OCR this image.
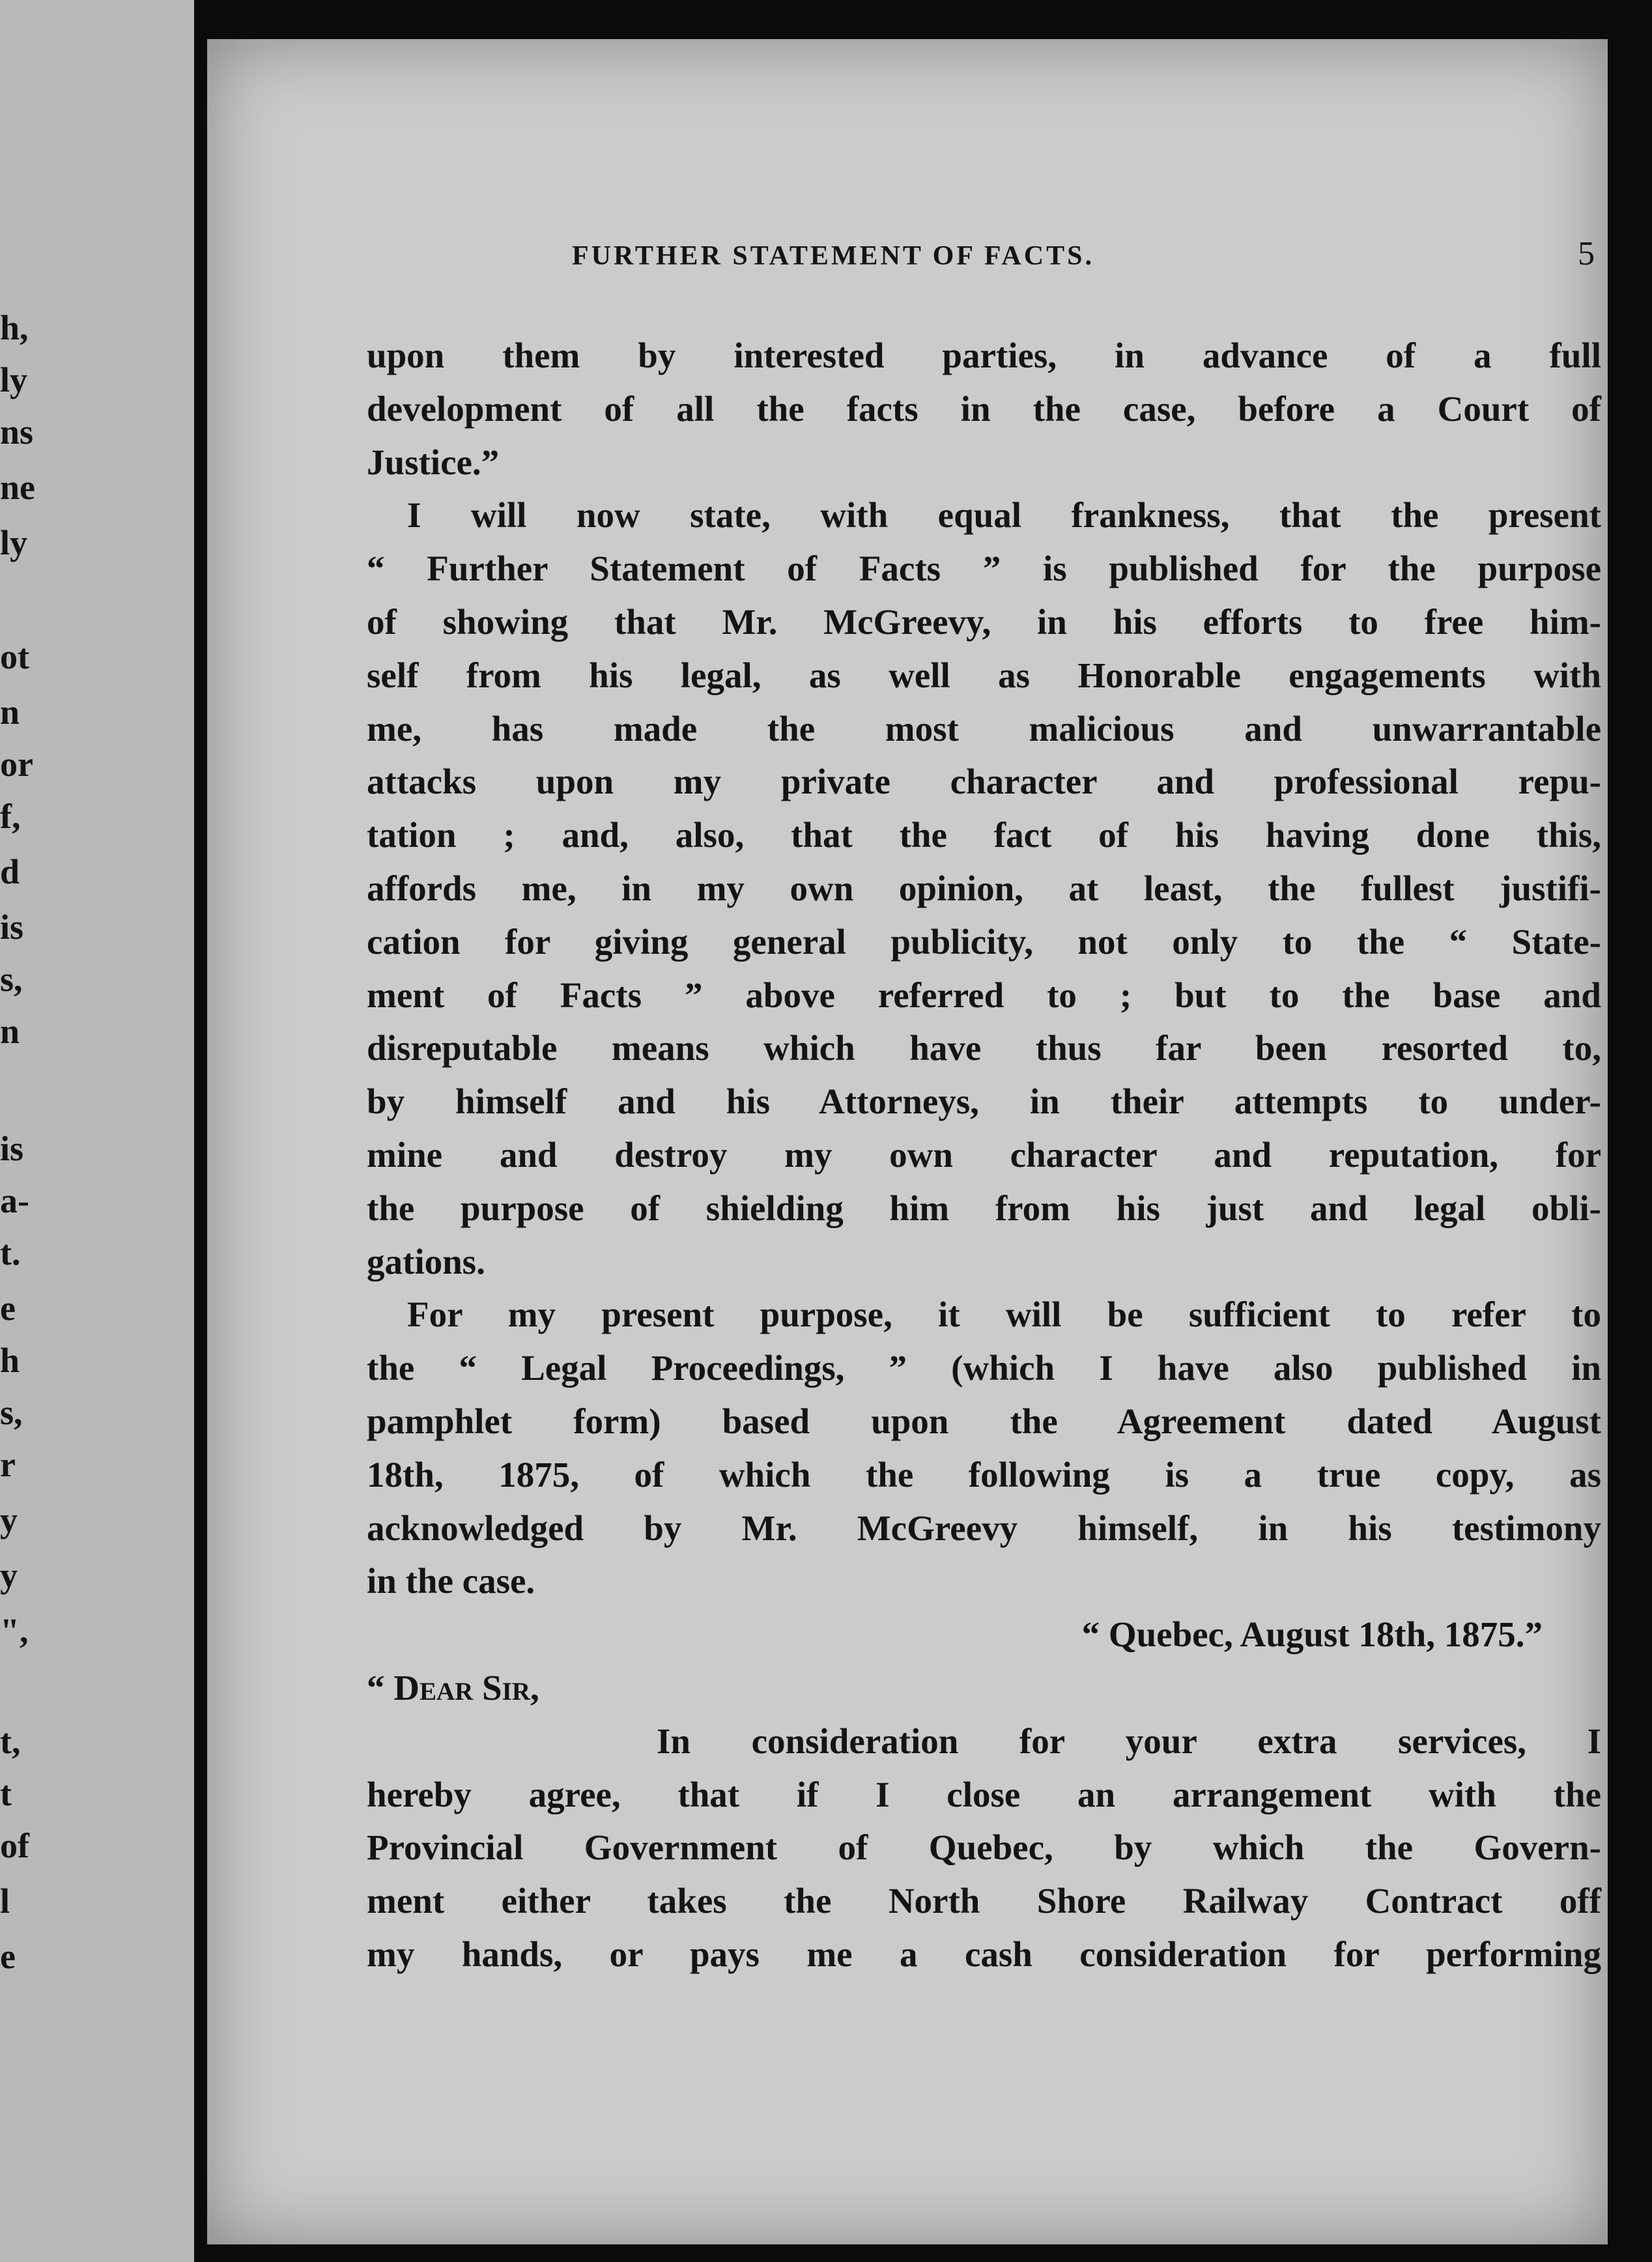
h,
ly
ns
ne
ly
ot
n
or
f,
d
is
s,
n
is
a-
t.
e
h
s,
r
y
y
",
t,
t
of
l
e
FURTHER STATEMENT OF FACTS.	5
upon them by interested parties, in advance of a full
development of all the facts in the case, before a Court of
Justice.”
I will now state, with equal frankness, that the present
“ Further Statement of Facts ” is published for the purpose
of showing that Mr. McGreevy, in his efforts to free him-
self from his legal, as well as Honorable engagements with
me, has made the most malicious and unwarrantable
attacks upon my private character and professional repu-
tation ; and, also, that the fact of his having done this,
affords me, in my own opinion, at least, the fullest justifi-
cation for giving general publicity, not only to the “ State-
ment of Facts ” above referred to ; but to the base and
disreputable means which have thus far been resorted to,
by himself and his Attorneys, in their attempts to under-
mine and destroy my own character and reputation, for
the purpose of shielding him from his just and legal obli-
gations.
For my present purpose, it will be sufficient to refer to
the “ Legal Proceedings, ” (which I have also published in
pamphlet form) based upon the Agreement dated August
18th, 1875, of which the following is a true copy, as
acknowledged by Mr. McGreevy himself, in his testimony
in the case.
“ Quebec, August 18th, 1875.”
“ Dear Sir,
In consideration for your extra services, I
hereby agree, that if I close an arrangement with the
Provincial Government of Quebec, by which the Govern-
ment either takes the North Shore Railway Contract off
my hands, or pays me a cash consideration for performing
